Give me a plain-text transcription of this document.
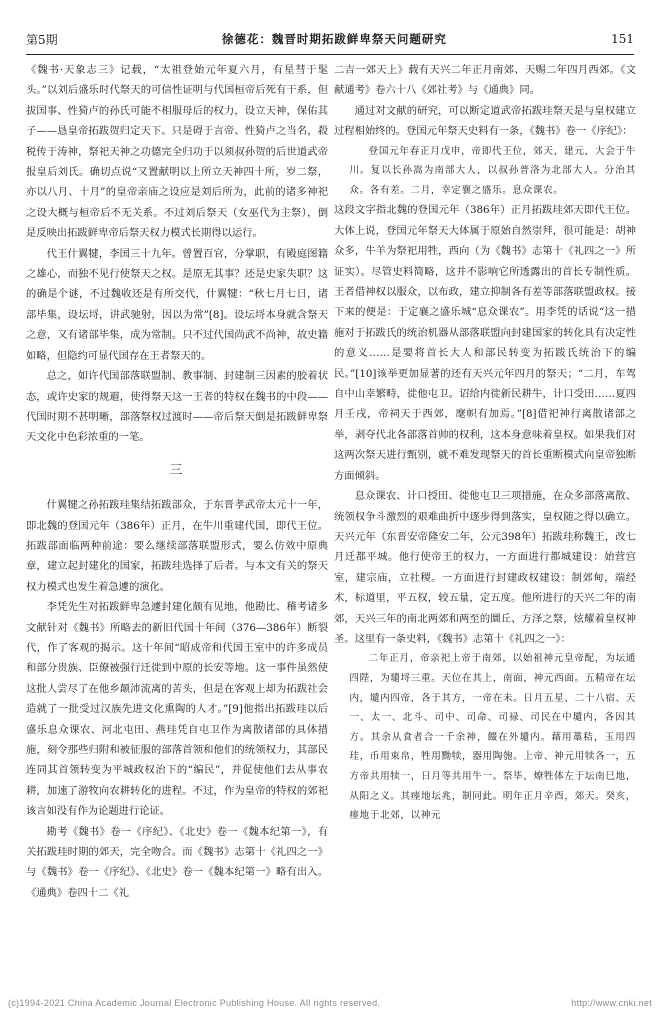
第5期	徐德花：魏晋时期拓跋鲜卑祭天问题研究	151

《魏书·天象志三》记载，“太祖登始元年夏六月，有星彗于髦头。”以刘后盛乐时代祭天的可信性证明与代国桓帝后死有干系，但拔国事、性猗卢的孙氏可能不相服母后的权力，设立天神，保佑其子——恳皇帝拓跋贺归定天下。只是碍于言帝、性猗卢之当名，殺税传于涛神，祭祀天神之功德完全归功于以须叔孙贺的后世道武帝报皇后刘氏。确切点说“又置献明以上所立天神四十所，岁二祭，亦以八月、十月”的皇帝亲庙之设应是刘后所为，此前的诸多神祀之设大概与桓帝后不无关系。不过刘后祭天（女巫代为主祭），倒是反映出拓跋鲜卑帝后祭天权力模式长期得以运行。

代王什翼犍，李国三十九年。曾置百官，分掌职，有殿庭图籍之雄心，而独不见行使祭天之权。是原无其事？还是史家失职？这的确是个谜，不过魏收还是有所交代，什翼犍：“秋七月七日，诸部毕集，设坛埒，讲武驰射，因以为常”[8]。设坛埒本身就含祭天之意，又有诸部毕集，成为常制。只不过代国尚武不尚神，故史籍如略，但隐约可显代国存在王者祭天的。

总之，如许代国部落联盟制、教事制、封建制三因素的胶着状态，或许史家的规避，使得祭天这一王者的特权在魏书的中段——代国时期不甚明晰，部落祭权过渡时——帝后祭天倒是拓跋鲜卑祭天文化中色彩浓重的一笔。

三

什翼犍之孙拓跋珪集结拓跋部众，于东晋孝武帝太元十一年，即北魏的登国元年（386年）正月，在牛川重建代国，即代王位。拓跋部面临两种前途：要么继续部落联盟形式，要么仿效中原典章，建立起封建化的国家，拓跋珪选择了后者。与本文有关的祭天权力模式也发生着急遽的演化。

李凭先生对拓跋鲜卑急遽封建化颇有见地，他勘比、稽考诸多文献针对《魏书》所略去的新旧代国十年间（376—386年）断裂代，作了客观的揭示。这十年间“昭成帝和代国王室中的许多成员和部分贵族、臣僚被强行迁徙到中原的长安等地。这一事件虽然使这批人尝尽了在他乡颠沛流离的苦头，但是在客观上却为拓跋社会造就了一批受过汉族先进文化熏陶的人才。”[9]他指出拓跋珪以后盛乐息众课农、河北屯田、燕珪凭自屯卫作为离散诸部的具体措施，刻令那些归附和被征服的部落首领和他们的统领权力，其部民连同其首领转变为平城政权治下的“编民”，并促使他们去从事农耕，加速了游牧向农耕转化的进程。不过，作为皇帝的特权的郊祀该言如没有作为论题进行论证。

勘考《魏书》卷一《序纪》、《北史》卷一《魏本纪第一》，有关拓跋珪时期的郊天，完全吻合。而《魏书》志第十《礼四之一》与《魏书》卷一《序纪》、《北史》卷一《魏本纪第一》略有出入。《通典》卷四十二《礼

二吉一郊天上》载有天兴二年正月南郊、天赐二年四月西郊。《文献通考》卷六十八《郊社考》与《通典》同。

通过对文献的研究，可以断定道武帝拓跋珪祭天是与皇权建立过程相始终的。登国元年祭天史料有一条，《魏书》卷一《序纪》：

登国元年春正月戊申，帝即代王位，郊天，建元，大会于牛川。复以长孙嵩为南部大人，以叔孙普洛为北部大人。分治其众。各有差。二月，幸定襄之盛乐。息众课农。

这段文字指北魏的登国元年（386年）正月拓跋珪郊天即代王位。大体上说，登国元年祭天大体属于原始自然崇拜，很可能是：胡神众多，牛羊为祭祀用牲，西向（为《魏书》志第十《礼四之一》所证实）。尽管史料简略，这并不影响它所透露出的首长专制性质。王者借神权以服众，以布政，建立抑制各有差等部落联盟政权。接下来的便是：于定襄之盛乐城“息众课农”。用李凭的话说“这一措施对于拓跋氏的统治机器从部落联盟向封建国家的转化具有决定性的意义……是要将首长大人和部民转变为拓跋氏统治下的编民。”[10]该举更加显著的还有天兴元年四月的祭天；“二月，车驾自中山幸繁畤，徙他屯卫。诏给内徙新民耕牛，计口受田……夏四月壬戌，帝祠天于西郊，麾帜有加焉。”[8]借祀神行离散诸部之举，剥夺代北各部落首帅的权利，这本身意味着皇权。如果我们对这两次祭天进行甄别，就不难发现祭天的首长重断模式向皇帝独断方面倾斜。

息众课农、计口授田、徙他屯卫三项措施，在众多部落离散、统领权争斗激烈的艰难曲折中逐步得到落实，皇权随之得以确立。天兴元年（东晋安帝隆安二年，公元398年）拓跋珪称魏王，改七月迁都平城。他行使帝王的权力，一方面进行都城建设：始营宫室，建宗庙，立社稷。一方面进行封建政权建设：制郊甸，端经术，标道里，平五权，较五量，定五度。他所进行的天兴二年的南郊，天兴三年的南北两郊和两至的圜丘、方泽之祭，炫耀着皇权神圣。这里有一条史料，《魏书》志第十《礼四之一》：

二年正月，帝亲祀上帝于南郊，以始祖神元皇帝配，为坛通四陛，为壝埒三重。天位在其上，南面，神元西面。五精帝在坛内，壝内四帝，各于其方，一帝在未。日月五星、二十八宿、天一、太一、北斗、司中、司命、司禄、司民在中壝内，各因其方。其余从食者合一千余神，餟在外壝内。藉用藁秸，玉用四珪，币用束帛，牲用黝犊，器用陶匏。上帝、神元用犊各一，五方帝共用犊一，日月等共用牛一。祭毕，燎牲体左于坛南巳地，从阳之义。其瘗地坛兆，制同此。明年正月辛酉，郊天。癸亥，瘗地于北郊，以神元

(c)1994-2021 China Academic Journal Electronic Publishing House. All rights reserved.	http://www.cnki.net
